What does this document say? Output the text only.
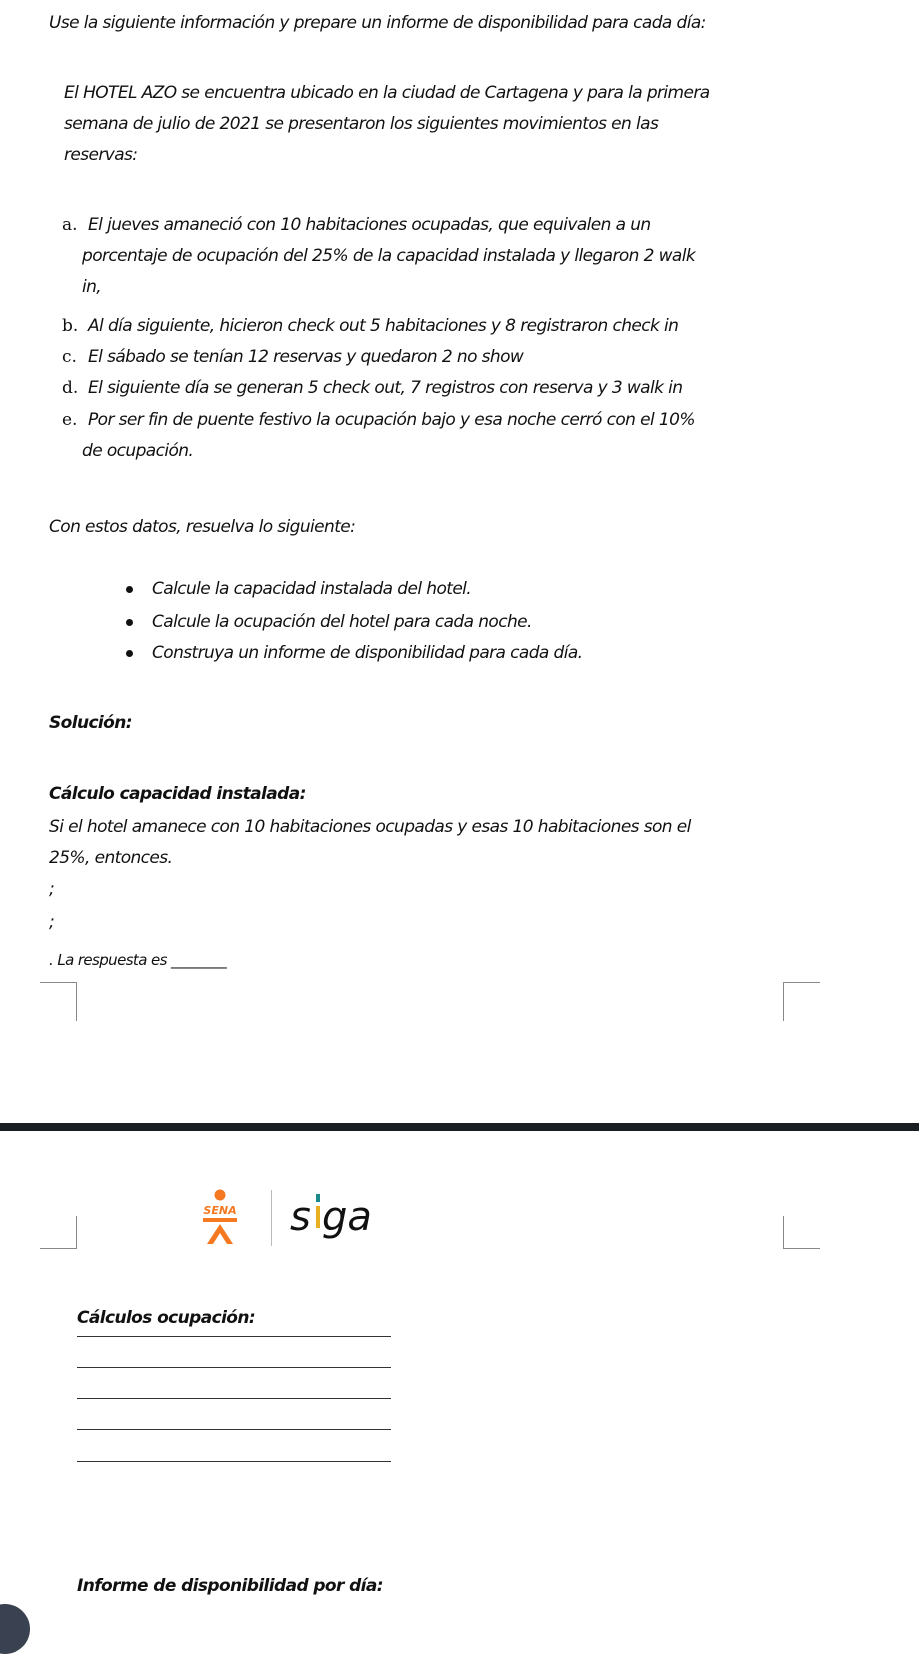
Use la siguiente información y prepare un informe de disponibilidad para cada día:
El HOTEL AZO se encuentra ubicado en la ciudad de Cartagena y para la primera
semana de julio de 2021 se presentaron los siguientes movimientos en las
reservas:
a. El jueves amaneció con 10 habitaciones ocupadas, que equivalen a un
porcentaje de ocupación del 25% de la capacidad instalada y llegaron 2 walk
in,
b. Al día siguiente, hicieron check out 5 habitaciones y 8 registraron check in
c. El sábado se tenían 12 reservas y quedaron 2 no show
d. El siguiente día se generan 5 check out, 7 registros con reserva y 3 walk in
e. Por ser fin de puente festivo la ocupación bajo y esa noche cerró con el 10%
de ocupación.
Con estos datos, resuelva lo siguiente:
Calcule la capacidad instalada del hotel.
Calcule la ocupación del hotel para cada noche.
Construya un informe de disponibilidad para cada día.
Solución:
Cálculo capacidad instalada:
Si el hotel amanece con 10 habitaciones ocupadas y esas 10 habitaciones son el
25%, entonces.
;
;
. La respuesta es ________
SENA s ga
Cálculos ocupación:
Informe de disponibilidad por día:
